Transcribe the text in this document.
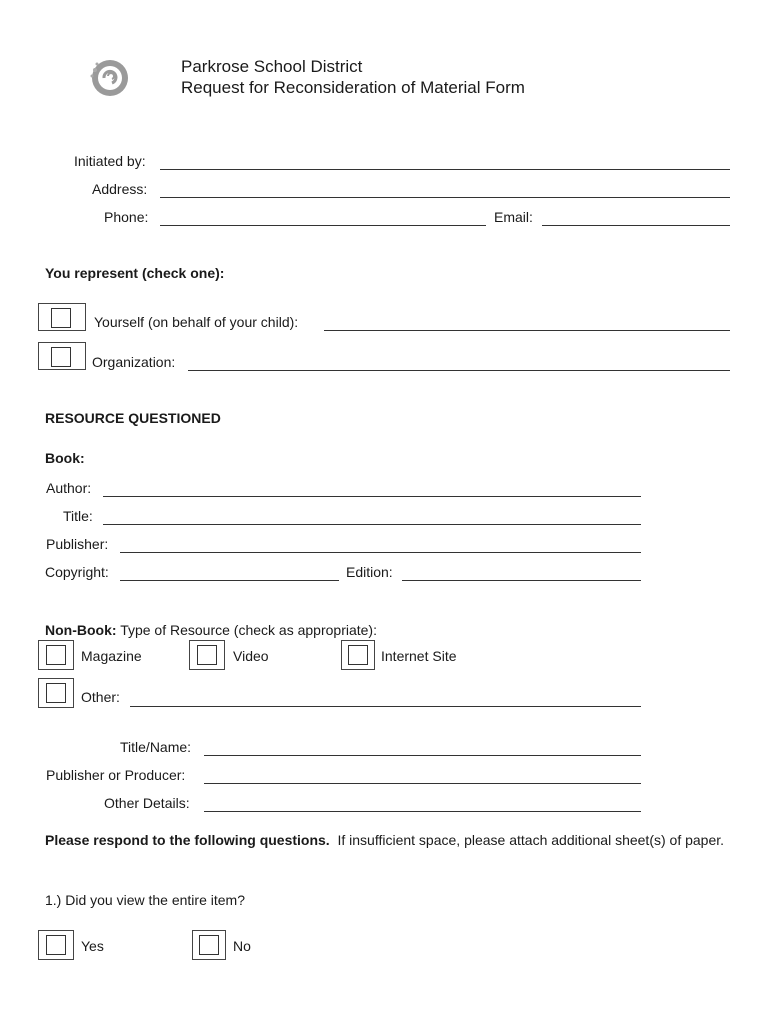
Parkrose School District
Request for Reconsideration of Material Form
Initiated by:
Address:
Phone:	Email:
You represent (check one):
Yourself (on behalf of your child):
Organization:
RESOURCE QUESTIONED
Book:
Author:
Title:
Publisher:
Copyright:	Edition:
Non-Book: Type of Resource (check as appropriate):
Magazine	Video	Internet Site
Other:
Title/Name:
Publisher or Producer:
Other Details:
Please respond to the following questions. If insufficient space, please attach additional sheet(s) of paper.
1.) Did you view the entire item?
Yes	No
